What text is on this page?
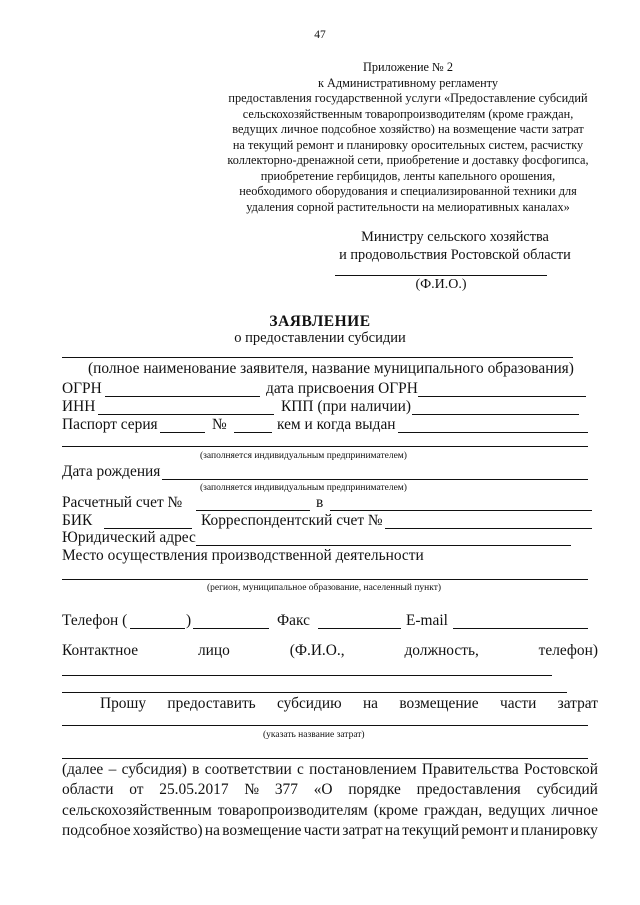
47
Приложение № 2
к Административному регламенту
предоставления государственной услуги «Предоставление субсидий
сельскохозяйственным товаропроизводителям (кроме граждан,
ведущих личное подсобное хозяйство) на возмещение части затрат
на текущий ремонт и планировку оросительных систем, расчистку
коллекторно-дренажной сети, приобретение и доставку фосфогипса,
приобретение гербицидов, ленты капельного орошения,
необходимого оборудования и специализированной техники для
удаления сорной растительности на мелиоративных каналах»
Министру сельского хозяйства
и продовольствия Ростовской области
(Ф.И.О.)
ЗАЯВЛЕНИЕ
о предоставлении субсидии
(полное наименование заявителя, название муниципального образования)
ОГРН	дата присвоения ОГРН
ИНН	КПП (при наличии)
Паспорт серия	№	кем и когда выдан
(заполняется индивидуальным предпринимателем)
Дата рождения
(заполняется индивидуальным предпринимателем)
Расчетный счет №	в
БИК	Корреспондентский счет №
Юридический адрес
Место осуществления производственной деятельности
(регион, муниципальное образование, населенный пункт)
Телефон (	)	Факс	E-mail
Контактное	лицо	(Ф.И.О.,	должность,	телефон)
Прошу предоставить субсидию на возмещение части затрат
(указать название затрат)
(далее – субсидия) в соответствии с постановлением Правительства Ростовской
области от 25.05.2017 № 377 «О порядке предоставления субсидий
сельскохозяйственным товаропроизводителям (кроме граждан, ведущих личное
подсобное хозяйство) на возмещение части затрат на текущий ремонт и планировку
